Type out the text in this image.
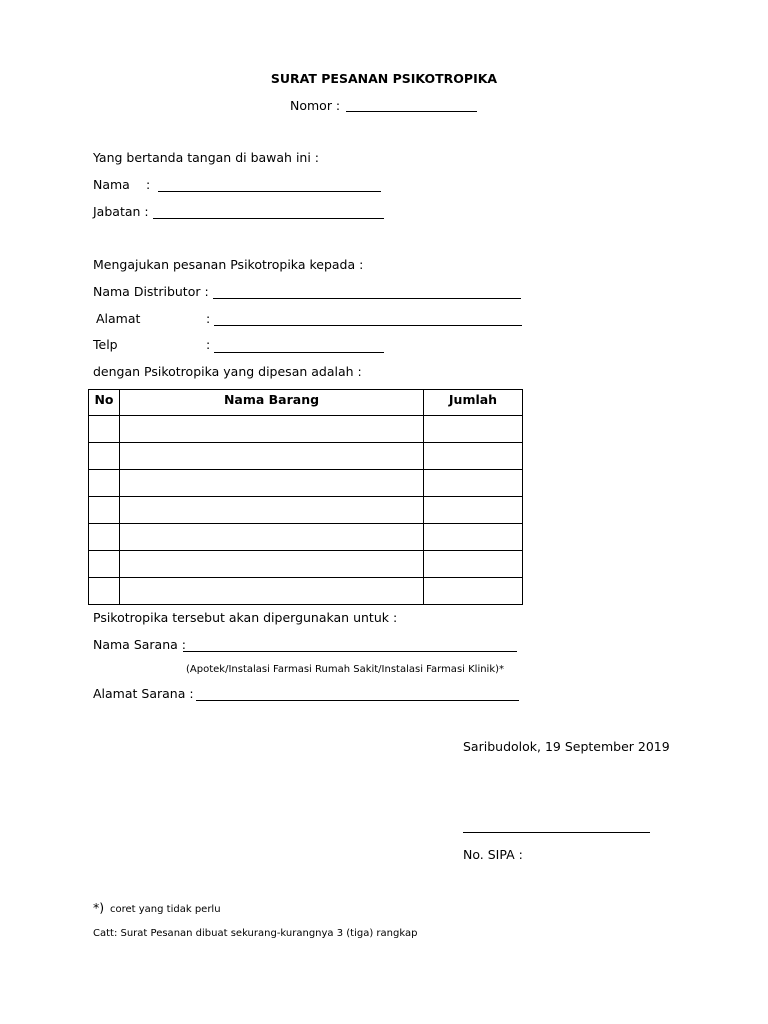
SURAT PESANAN PSIKOTROPIKA
Nomor :
Yang bertanda tangan di bawah ini :
Nama :
Jabatan :
Mengajukan pesanan Psikotropika kepada :
Nama Distributor :
Alamat	:
Telp	:
dengan Psikotropika yang dipesan adalah :
No	Nama Barang	Jumlah

Psikotropika tersebut akan dipergunakan untuk :
Nama Sarana :
(Apotek/Instalasi Farmasi Rumah Sakit/Instalasi Farmasi Klinik)*
Alamat Sarana :
Saribudolok, 19 September 2019
No. SIPA :
*) coret yang tidak perlu
Catt: Surat Pesanan dibuat sekurang-kurangnya 3 (tiga) rangkap
